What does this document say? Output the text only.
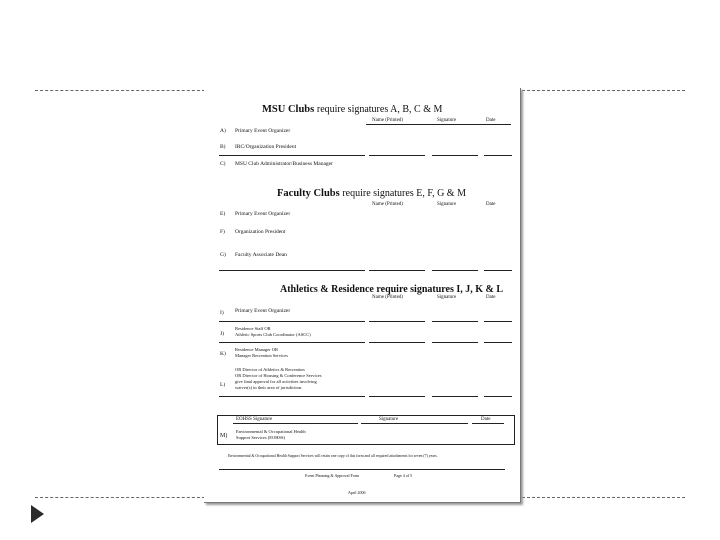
MSU Clubs require signatures A, B, C & M
Name (Printed)	Signature	Date
A) Primary Event Organizer
B) IRC/Organization President
C) MSU Club Administrator/Business Manager
Faculty Clubs require signatures E, F, G & M
Name (Printed)	Signature	Date
E) Primary Event Organizer
F) Organization President
G) Faculty Associate Dean
Athletics & Residence require signatures I, J, K & L
Name (Printed)	Signature	Date
I) Primary Event Organizer
J)
Residence Staff OR
Athletic Sports Club Coordinator (ASCC)
K)
Residence Manager OR
Manager Recreation Services
L)
OR Director of Athletics & Recreation
OR Director of Housing & Conference Services
give final approval for all activities involving
waiver(s) in their area of jurisdiction.
EOHSS Signature	Signature	Date
M)
Environmental & Occupational Health
Support Services (EOHSS)
Environmental & Occupational Health Support Services will retain one copy of this form and all required attachments for seven (7) years.
Event Planning & Approval Form	Page 4 of 5
April 2006
